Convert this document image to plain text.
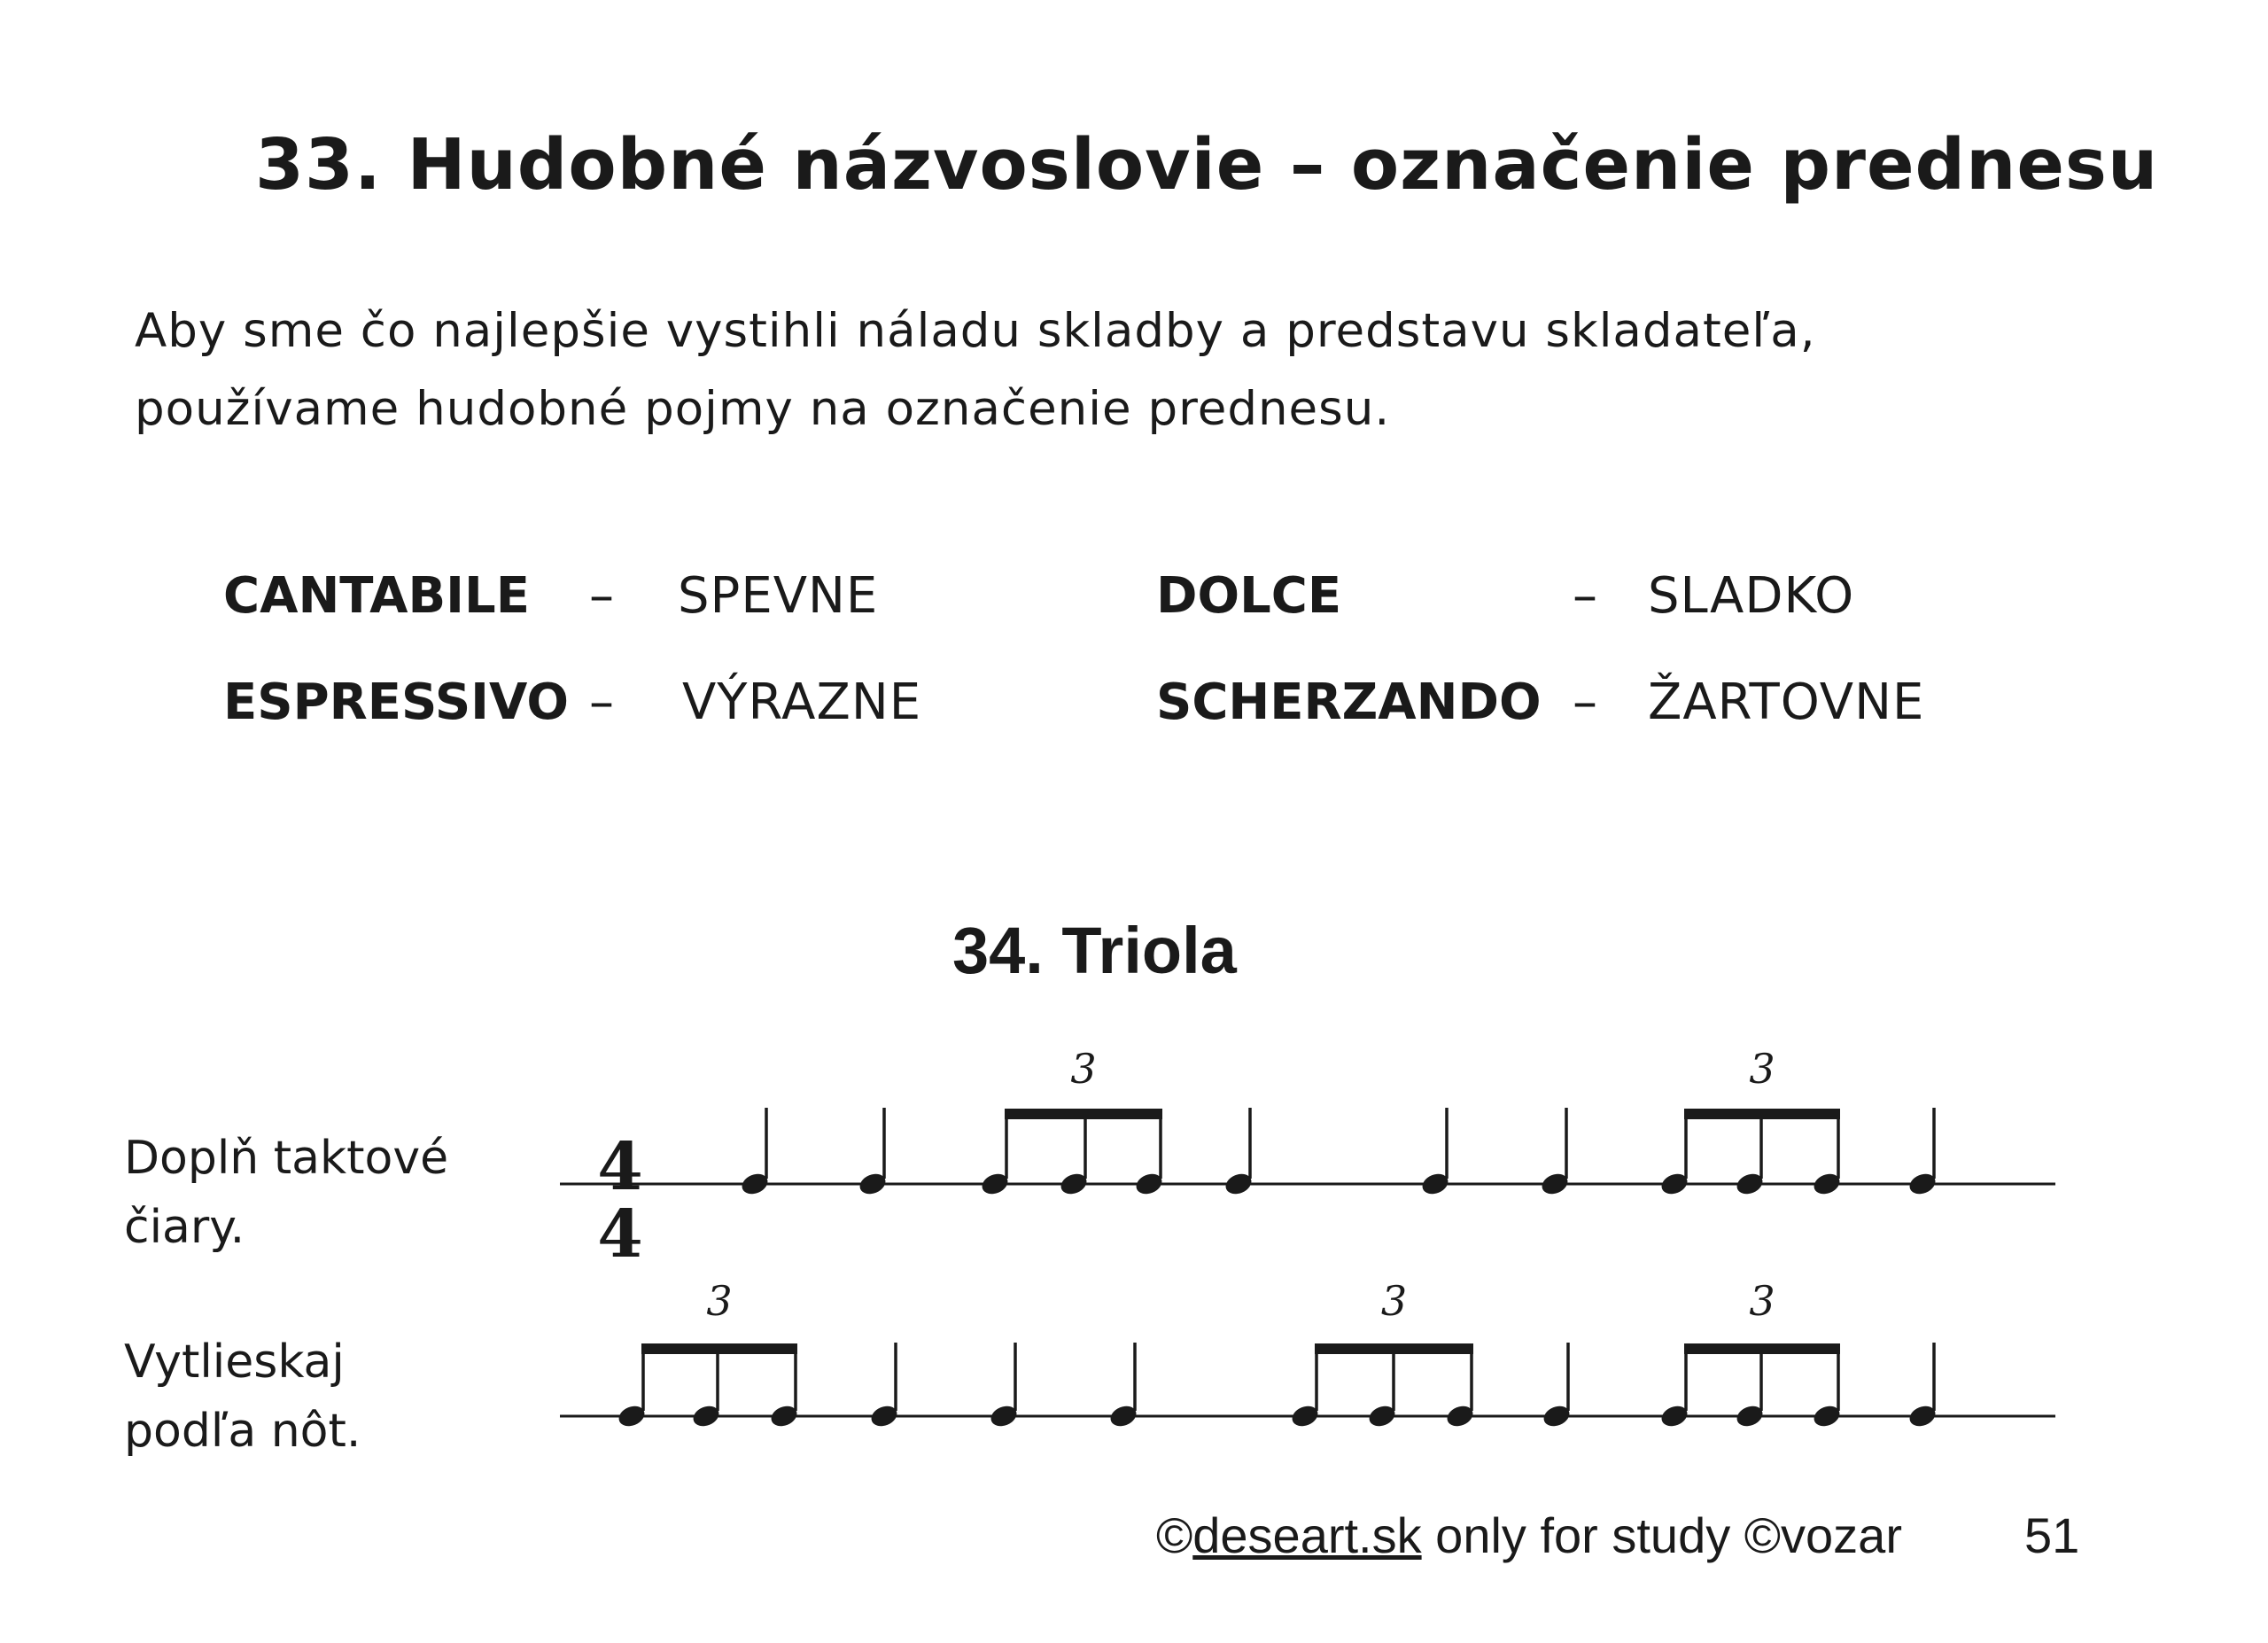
33. Hudobné názvoslovie – označenie prednesu

Aby sme čo najlepšie vystihli náladu skladby a predstavu skladateľa,
používame hudobné pojmy na označenie prednesu.

CANTABILE – SPEVNE	DOLCE	– SLADKO
ESPRESSIVO – VÝRAZNE	SCHERZANDO – ŽARTOVNE
34. Triola
Doplň taktové
čiary.
Vytlieskaj
podľa nôt.
4
4
3	3
3	3	3
©deseart.sk only for study ©vozar 51
